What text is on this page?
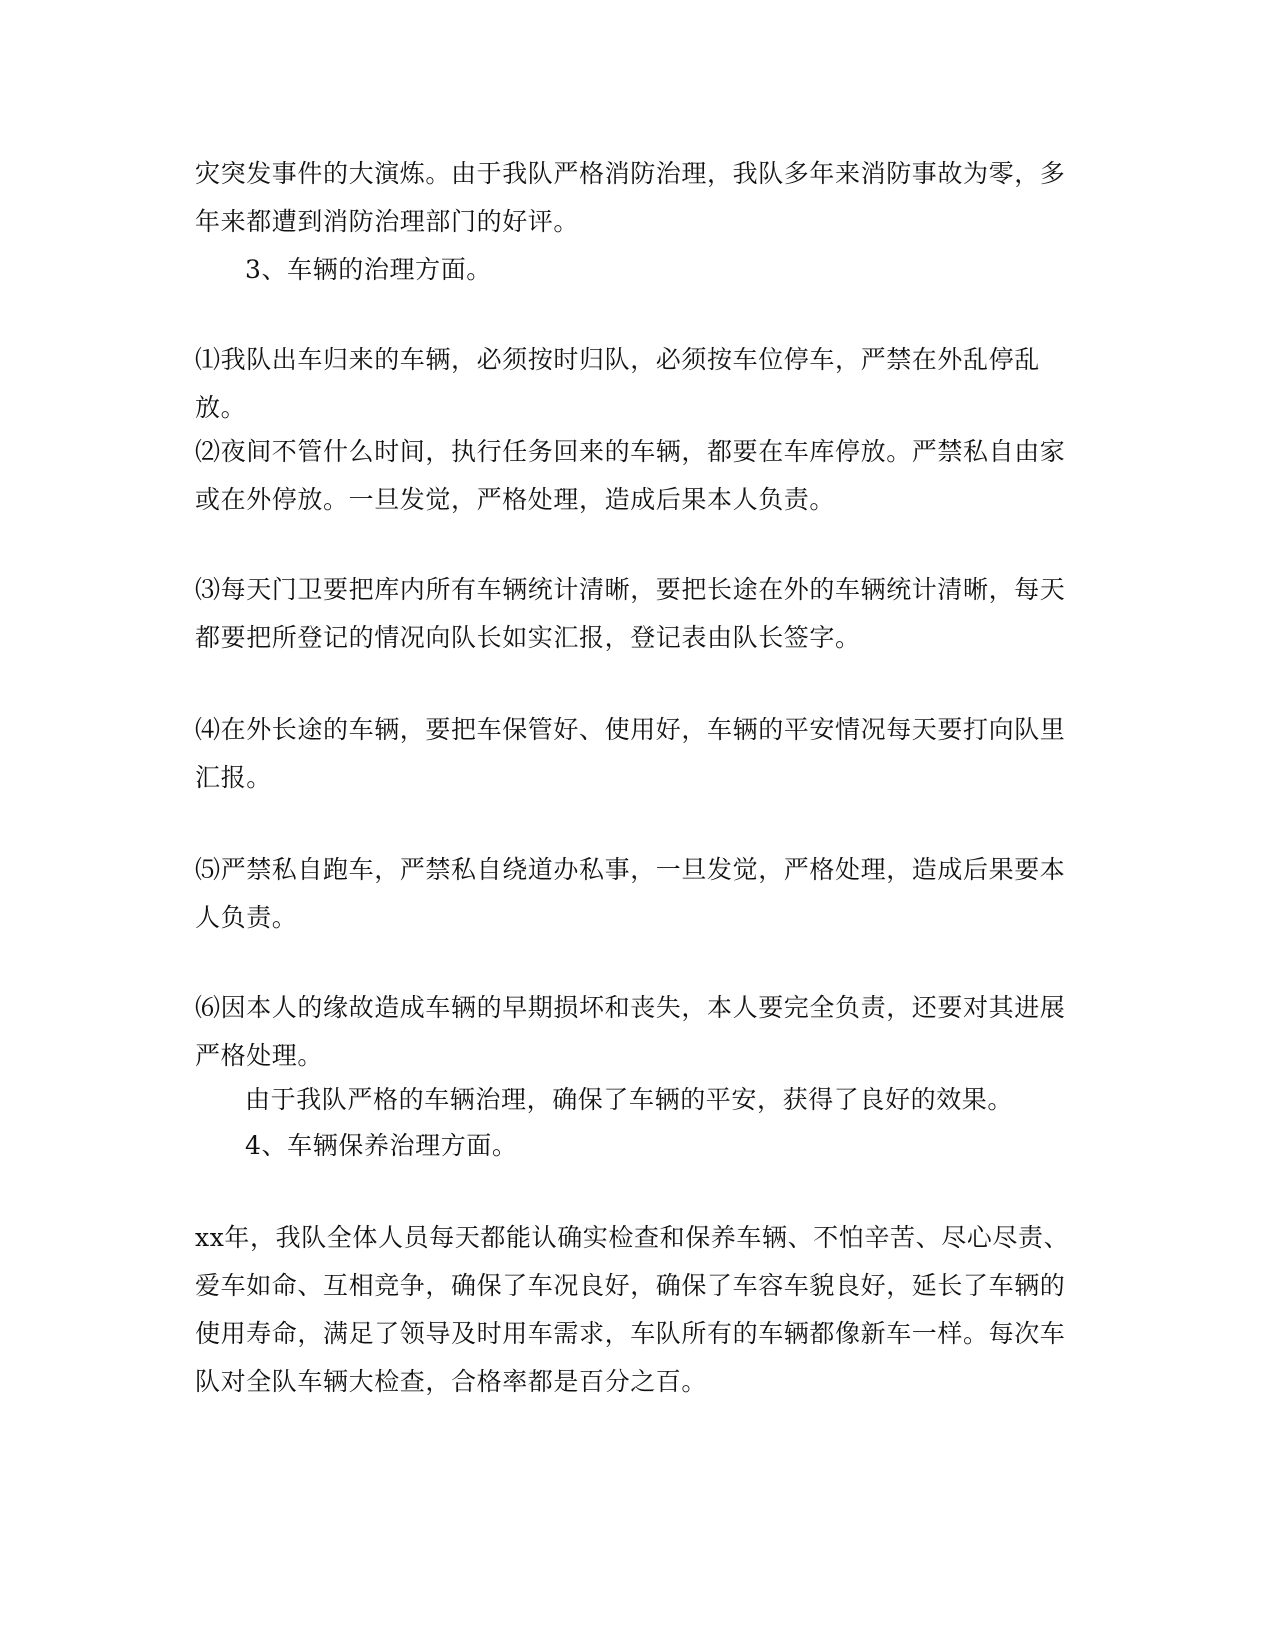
灾突发事件的大演炼。由于我队严格消防治理，我队多年来消防事故为零，多年来都遭到消防治理部门的好评。
3、车辆的治理方面。
⑴我队出车归来的车辆，必须按时归队，必须按车位停车，严禁在外乱停乱放。
⑵夜间不管什么时间，执行任务回来的车辆，都要在车库停放。严禁私自由家或在外停放。一旦发觉，严格处理，造成后果本人负责。
⑶每天门卫要把库内所有车辆统计清晰，要把长途在外的车辆统计清晰，每天都要把所登记的情况向队长如实汇报，登记表由队长签字。
⑷在外长途的车辆，要把车保管好、使用好，车辆的平安情况每天要打向队里汇报。
⑸严禁私自跑车，严禁私自绕道办私事，一旦发觉，严格处理，造成后果要本人负责。
⑹因本人的缘故造成车辆的早期损坏和丧失，本人要完全负责，还要对其进展严格处理。
由于我队严格的车辆治理，确保了车辆的平安，获得了良好的效果。
4、车辆保养治理方面。
xx年，我队全体人员每天都能认确实检查和保养车辆、不怕辛苦、尽心尽责、爱车如命、互相竞争，确保了车况良好，确保了车容车貌良好，延长了车辆的使用寿命，满足了领导及时用车需求，车队所有的车辆都像新车一样。每次车队对全队车辆大检查，合格率都是百分之百。
